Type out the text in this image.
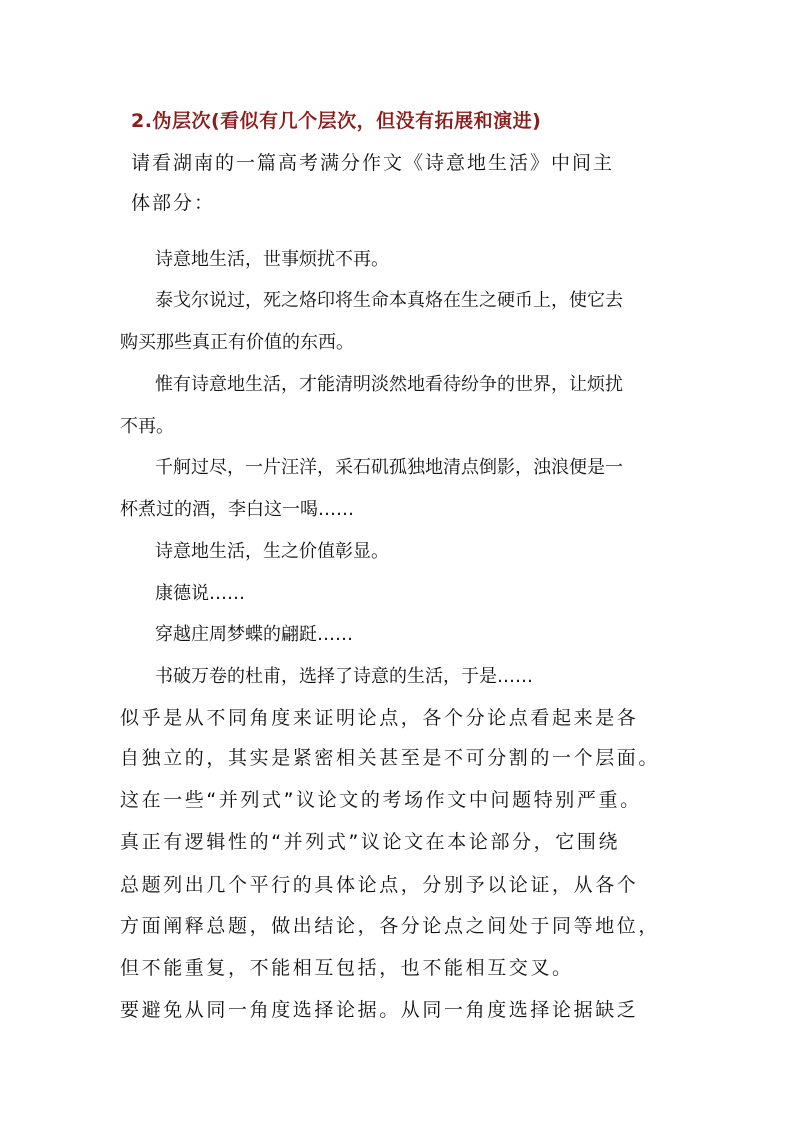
2.伪层次(看似有几个层次，但没有拓展和演进)
请看湖南的一篇高考满分作文《诗意地生活》中间主
体部分：
诗意地生活，世事烦扰不再。
泰戈尔说过，死之烙印将生命本真烙在生之硬币上，使它去
购买那些真正有价值的东西。
惟有诗意地生活，才能清明淡然地看待纷争的世界，让烦扰
不再。
千舸过尽，一片汪洋，采石矶孤独地清点倒影，浊浪便是一
杯煮过的酒，李白这一喝……
诗意地生活，生之价值彰显。
康德说……
穿越庄周梦蝶的翩跹……
书破万卷的杜甫，选择了诗意的生活，于是……
似乎是从不同角度来证明论点，各个分论点看起来是各
自独立的，其实是紧密相关甚至是不可分割的一个层面。
这在一些“并列式”议论文的考场作文中问题特别严重。
真正有逻辑性的“并列式”议论文在本论部分，它围绕
总题列出几个平行的具体论点，分别予以论证，从各个
方面阐释总题，做出结论，各分论点之间处于同等地位，
但不能重复，不能相互包括，也不能相互交叉。
要避免从同一角度选择论据。从同一角度选择论据缺乏
